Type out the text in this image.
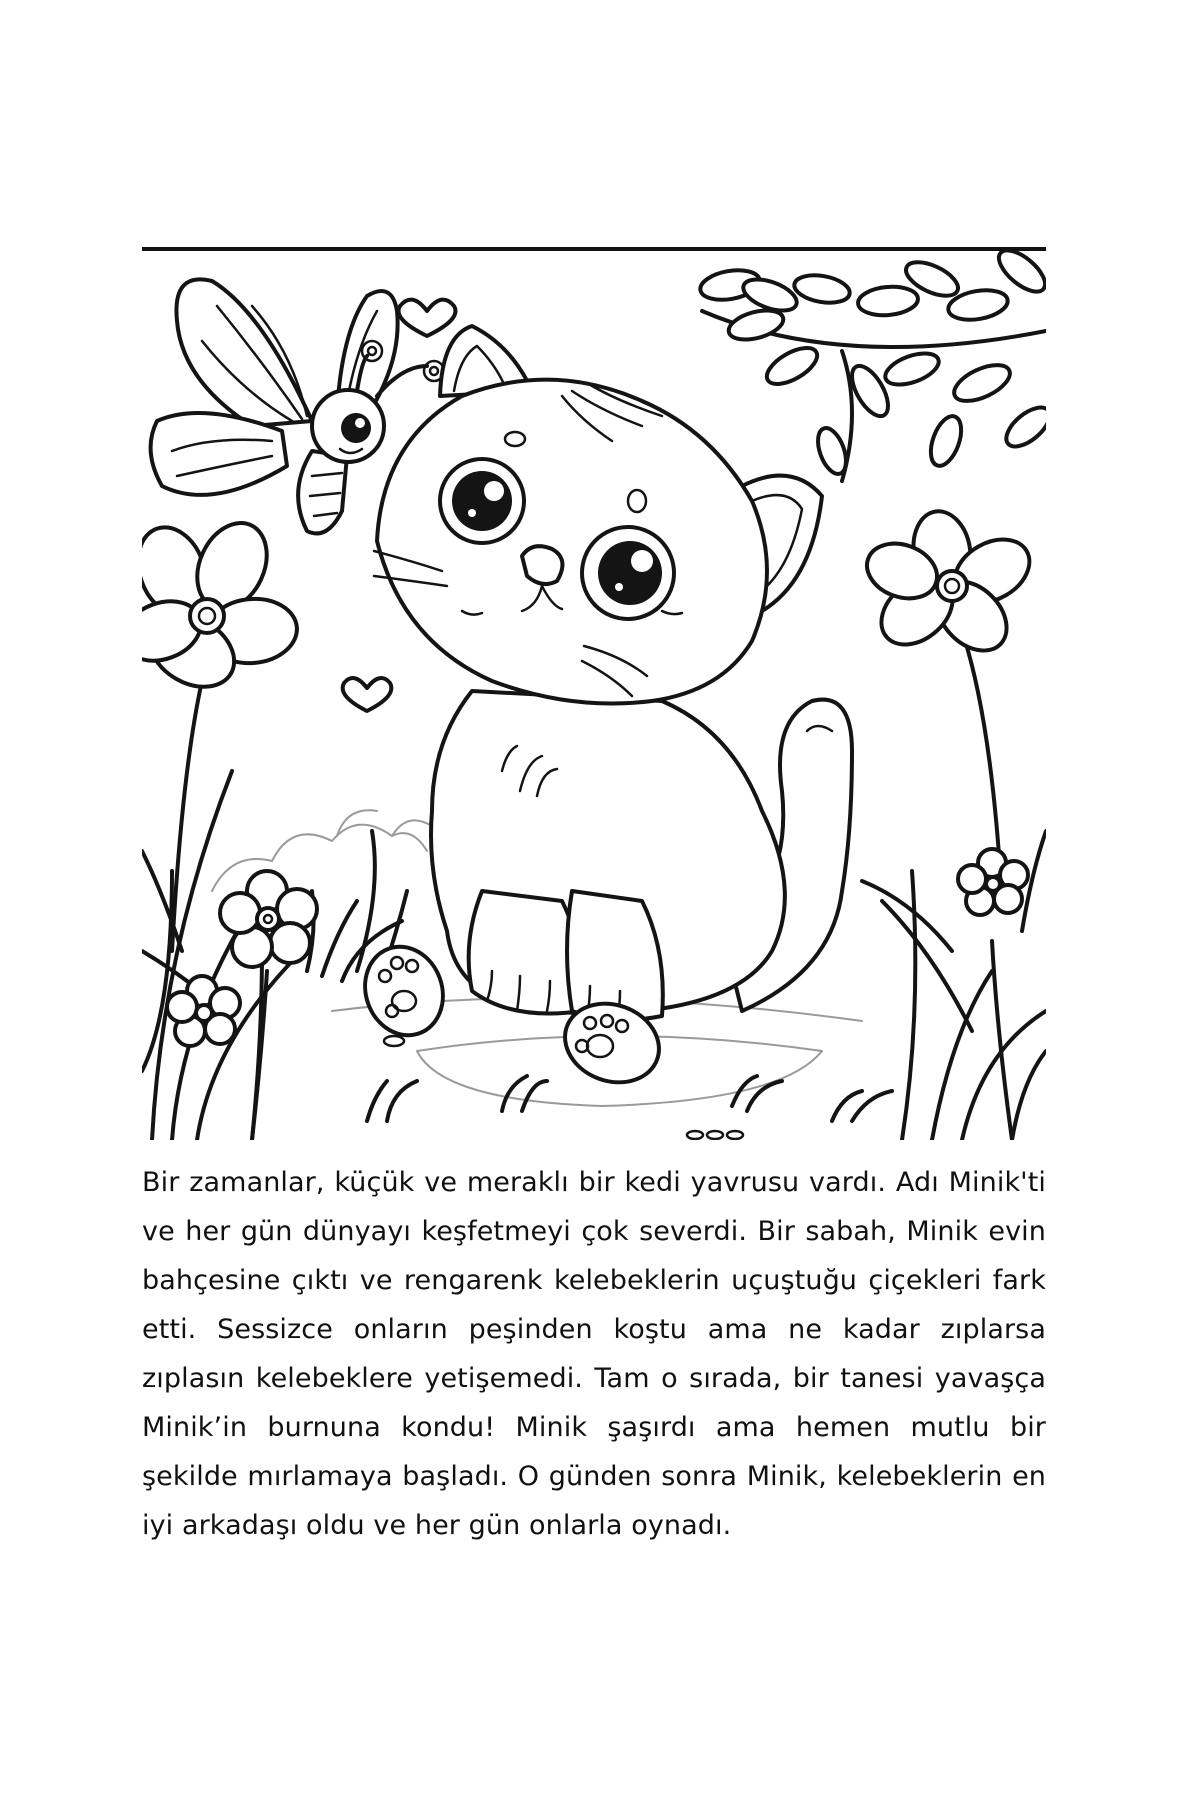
Bir zamanlar, küçük ve meraklı bir kedi yavrusu vardı. Adı Minik'ti ve her gün dünyayı keşfetmeyi çok severdi. Bir sabah, Minik evin bahçesine çıktı ve rengarenk kelebeklerin uçuştuğu çiçekleri fark etti. Sessizce onların peşinden koştu ama ne kadar zıplarsa zıplasın kelebeklere yetişemedi. Tam o sırada, bir tanesi yavaşça Minik’in burnuna kondu! Minik şaşırdı ama hemen mutlu bir şekilde mırlamaya başladı. O günden sonra Minik, kelebeklerin en iyi arkadaşı oldu ve her gün onlarla oynadı.
